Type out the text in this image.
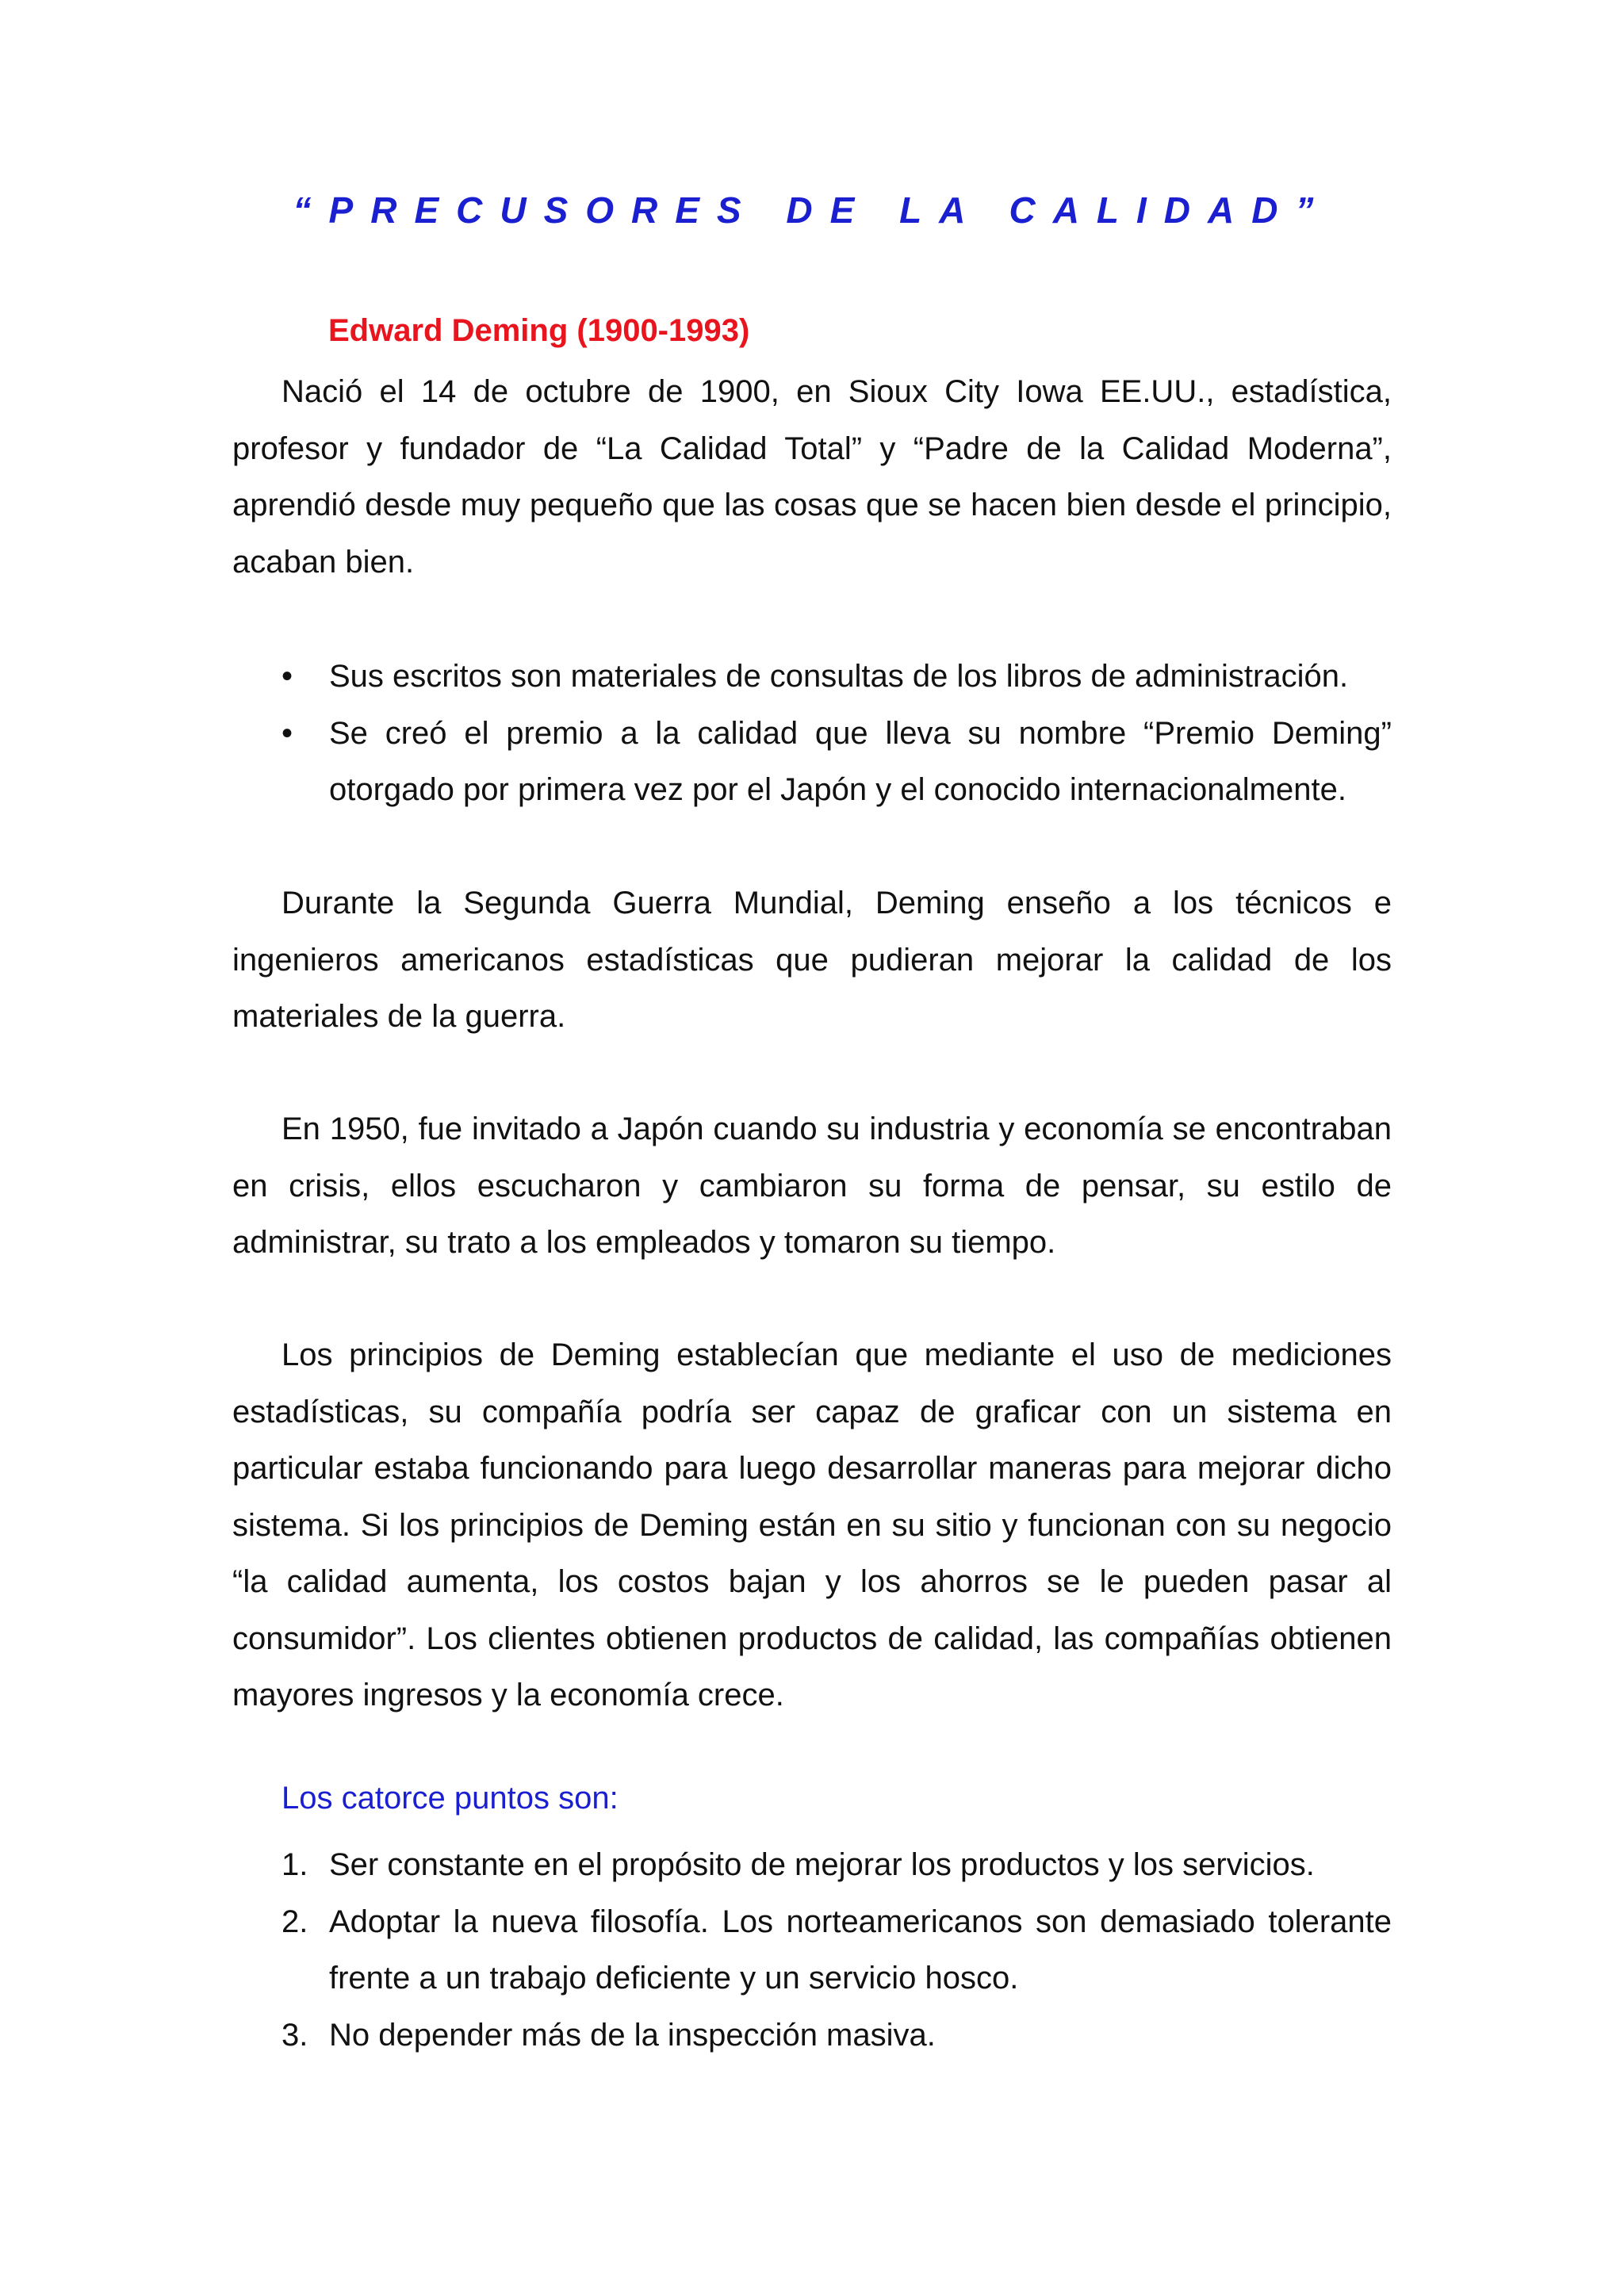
“PRECUSORES DE LA CALIDAD”
Edward Deming (1900-1993)

Nació el 14 de octubre de 1900, en Sioux City Iowa EE.UU., estadística, profesor y fundador de “La Calidad Total” y “Padre de la Calidad Moderna”, aprendió desde muy pequeño que las cosas que se hacen bien desde el principio, acaban bien.

•	Sus escritos son materiales de consultas de los libros de administración.
•	Se creó el premio a la calidad que lleva su nombre “Premio Deming” otorgado por primera vez por el Japón y el conocido internacionalmente.

Durante la Segunda Guerra Mundial, Deming enseño a los técnicos e ingenieros americanos estadísticas que pudieran mejorar la calidad de los materiales de la guerra.

En 1950, fue invitado a Japón cuando su industria y economía se encontraban en crisis, ellos escucharon y cambiaron su forma de pensar, su estilo de administrar, su trato a los empleados y tomaron su tiempo.

Los principios de Deming establecían que mediante el uso de mediciones estadísticas, su compañía podría ser capaz de graficar con un sistema en particular estaba funcionando para luego desarrollar maneras para mejorar dicho sistema. Si los principios de Deming están en su sitio y funcionan con su negocio “la calidad aumenta, los costos bajan y los ahorros se le pueden pasar al consumidor”. Los clientes obtienen productos de calidad, las compañías obtienen mayores ingresos y la economía crece.

Los catorce puntos son:
1. Ser constante en el propósito de mejorar los productos y los servicios.
2. Adoptar la nueva filosofía. Los norteamericanos son demasiado tolerante frente a un trabajo deficiente y un servicio hosco.
3. No depender más de la inspección masiva.
